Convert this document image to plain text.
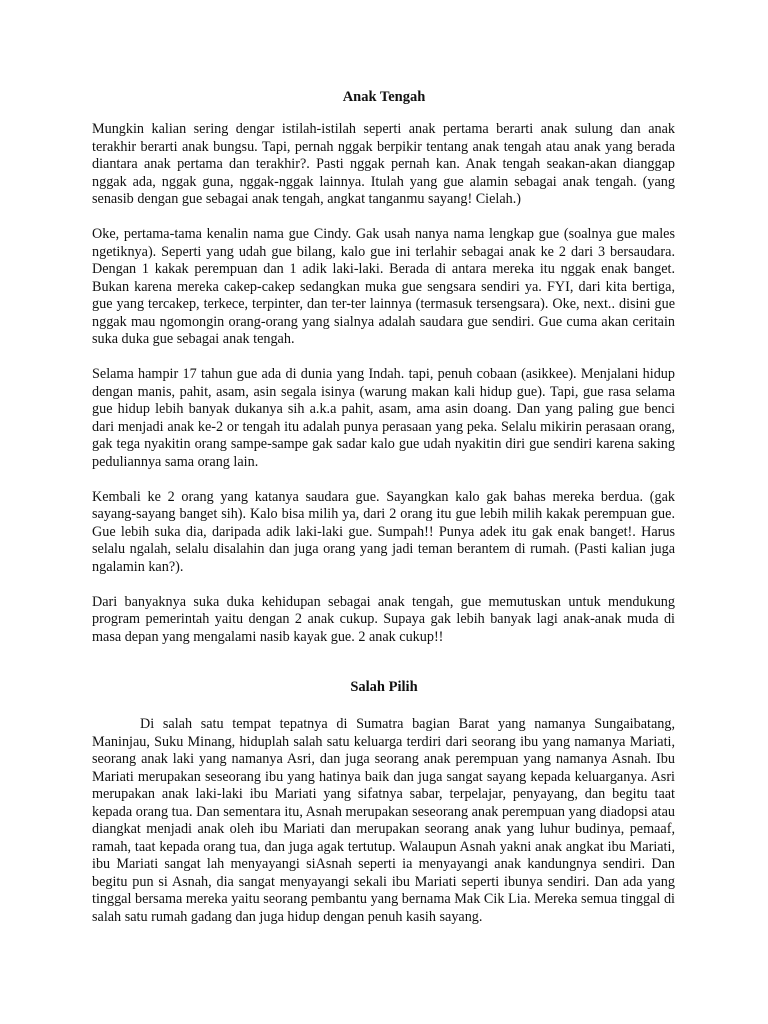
Anak Tengah

Mungkin kalian sering dengar istilah-istilah seperti anak pertama berarti anak sulung dan anak terakhir berarti anak bungsu. Tapi, pernah nggak berpikir tentang anak tengah atau anak yang berada diantara anak pertama dan terakhir?. Pasti nggak pernah kan. Anak tengah seakan-akan dianggap nggak ada, nggak guna, nggak-nggak lainnya. Itulah yang gue alamin sebagai anak tengah. (yang senasib dengan gue sebagai anak tengah, angkat tanganmu sayang! Cielah.)

Oke, pertama-tama kenalin nama gue Cindy. Gak usah nanya nama lengkap gue (soalnya gue males ngetiknya). Seperti yang udah gue bilang, kalo gue ini terlahir sebagai anak ke 2 dari 3 bersaudara. Dengan 1 kakak perempuan dan 1 adik laki-laki. Berada di antara mereka itu nggak enak banget. Bukan karena mereka cakep-cakep sedangkan muka gue sengsara sendiri ya. FYI, dari kita bertiga, gue yang tercakep, terkece, terpinter, dan ter-ter lainnya (termasuk tersengsara). Oke, next.. disini gue nggak mau ngomongin orang-orang yang sialnya adalah saudara gue sendiri. Gue cuma akan ceritain suka duka gue sebagai anak tengah.

Selama hampir 17 tahun gue ada di dunia yang Indah. tapi, penuh cobaan (asikkee). Menjalani hidup dengan manis, pahit, asam, asin segala isinya (warung makan kali hidup gue). Tapi, gue rasa selama gue hidup lebih banyak dukanya sih a.k.a pahit, asam, ama asin doang. Dan yang paling gue benci dari menjadi anak ke-2 or tengah itu adalah punya perasaan yang peka. Selalu mikirin perasaan orang, gak tega nyakitin orang sampe-sampe gak sadar kalo gue udah nyakitin diri gue sendiri karena saking peduliannya sama orang lain.

Kembali ke 2 orang yang katanya saudara gue. Sayangkan kalo gak bahas mereka berdua. (gak sayang-sayang banget sih). Kalo bisa milih ya, dari 2 orang itu gue lebih milih kakak perempuan gue. Gue lebih suka dia, daripada adik laki-laki gue. Sumpah!! Punya adek itu gak enak banget!. Harus selalu ngalah, selalu disalahin dan juga orang yang jadi teman berantem di rumah. (Pasti kalian juga ngalamin kan?).

Dari banyaknya suka duka kehidupan sebagai anak tengah, gue memutuskan untuk mendukung program pemerintah yaitu dengan 2 anak cukup. Supaya gak lebih banyak lagi anak-anak muda di masa depan yang mengalami nasib kayak gue. 2 anak cukup!!

Salah Pilih

Di salah satu tempat tepatnya di Sumatra bagian Barat yang namanya Sungaibatang, Maninjau, Suku Minang, hiduplah salah satu keluarga terdiri dari seorang ibu yang namanya Mariati, seorang anak laki yang namanya Asri, dan juga seorang anak perempuan yang namanya Asnah. Ibu Mariati merupakan seseorang ibu yang hatinya baik dan juga sangat sayang kepada keluarganya. Asri merupakan anak laki-laki ibu Mariati yang sifatnya sabar, terpelajar, penyayang, dan begitu taat kepada orang tua. Dan sementara itu, Asnah merupakan seseorang anak perempuan yang diadopsi atau diangkat menjadi anak oleh ibu Mariati dan merupakan seorang anak yang luhur budinya, pemaaf, ramah, taat kepada orang tua, dan juga agak tertutup. Walaupun Asnah yakni anak angkat ibu Mariati, ibu Mariati sangat lah menyayangi siAsnah seperti ia menyayangi anak kandungnya sendiri. Dan begitu pun si Asnah, dia sangat menyayangi sekali ibu Mariati seperti ibunya sendiri. Dan ada yang tinggal bersama mereka yaitu seorang pembantu yang bernama Mak Cik Lia. Mereka semua tinggal di salah satu rumah gadang dan juga hidup dengan penuh kasih sayang.
